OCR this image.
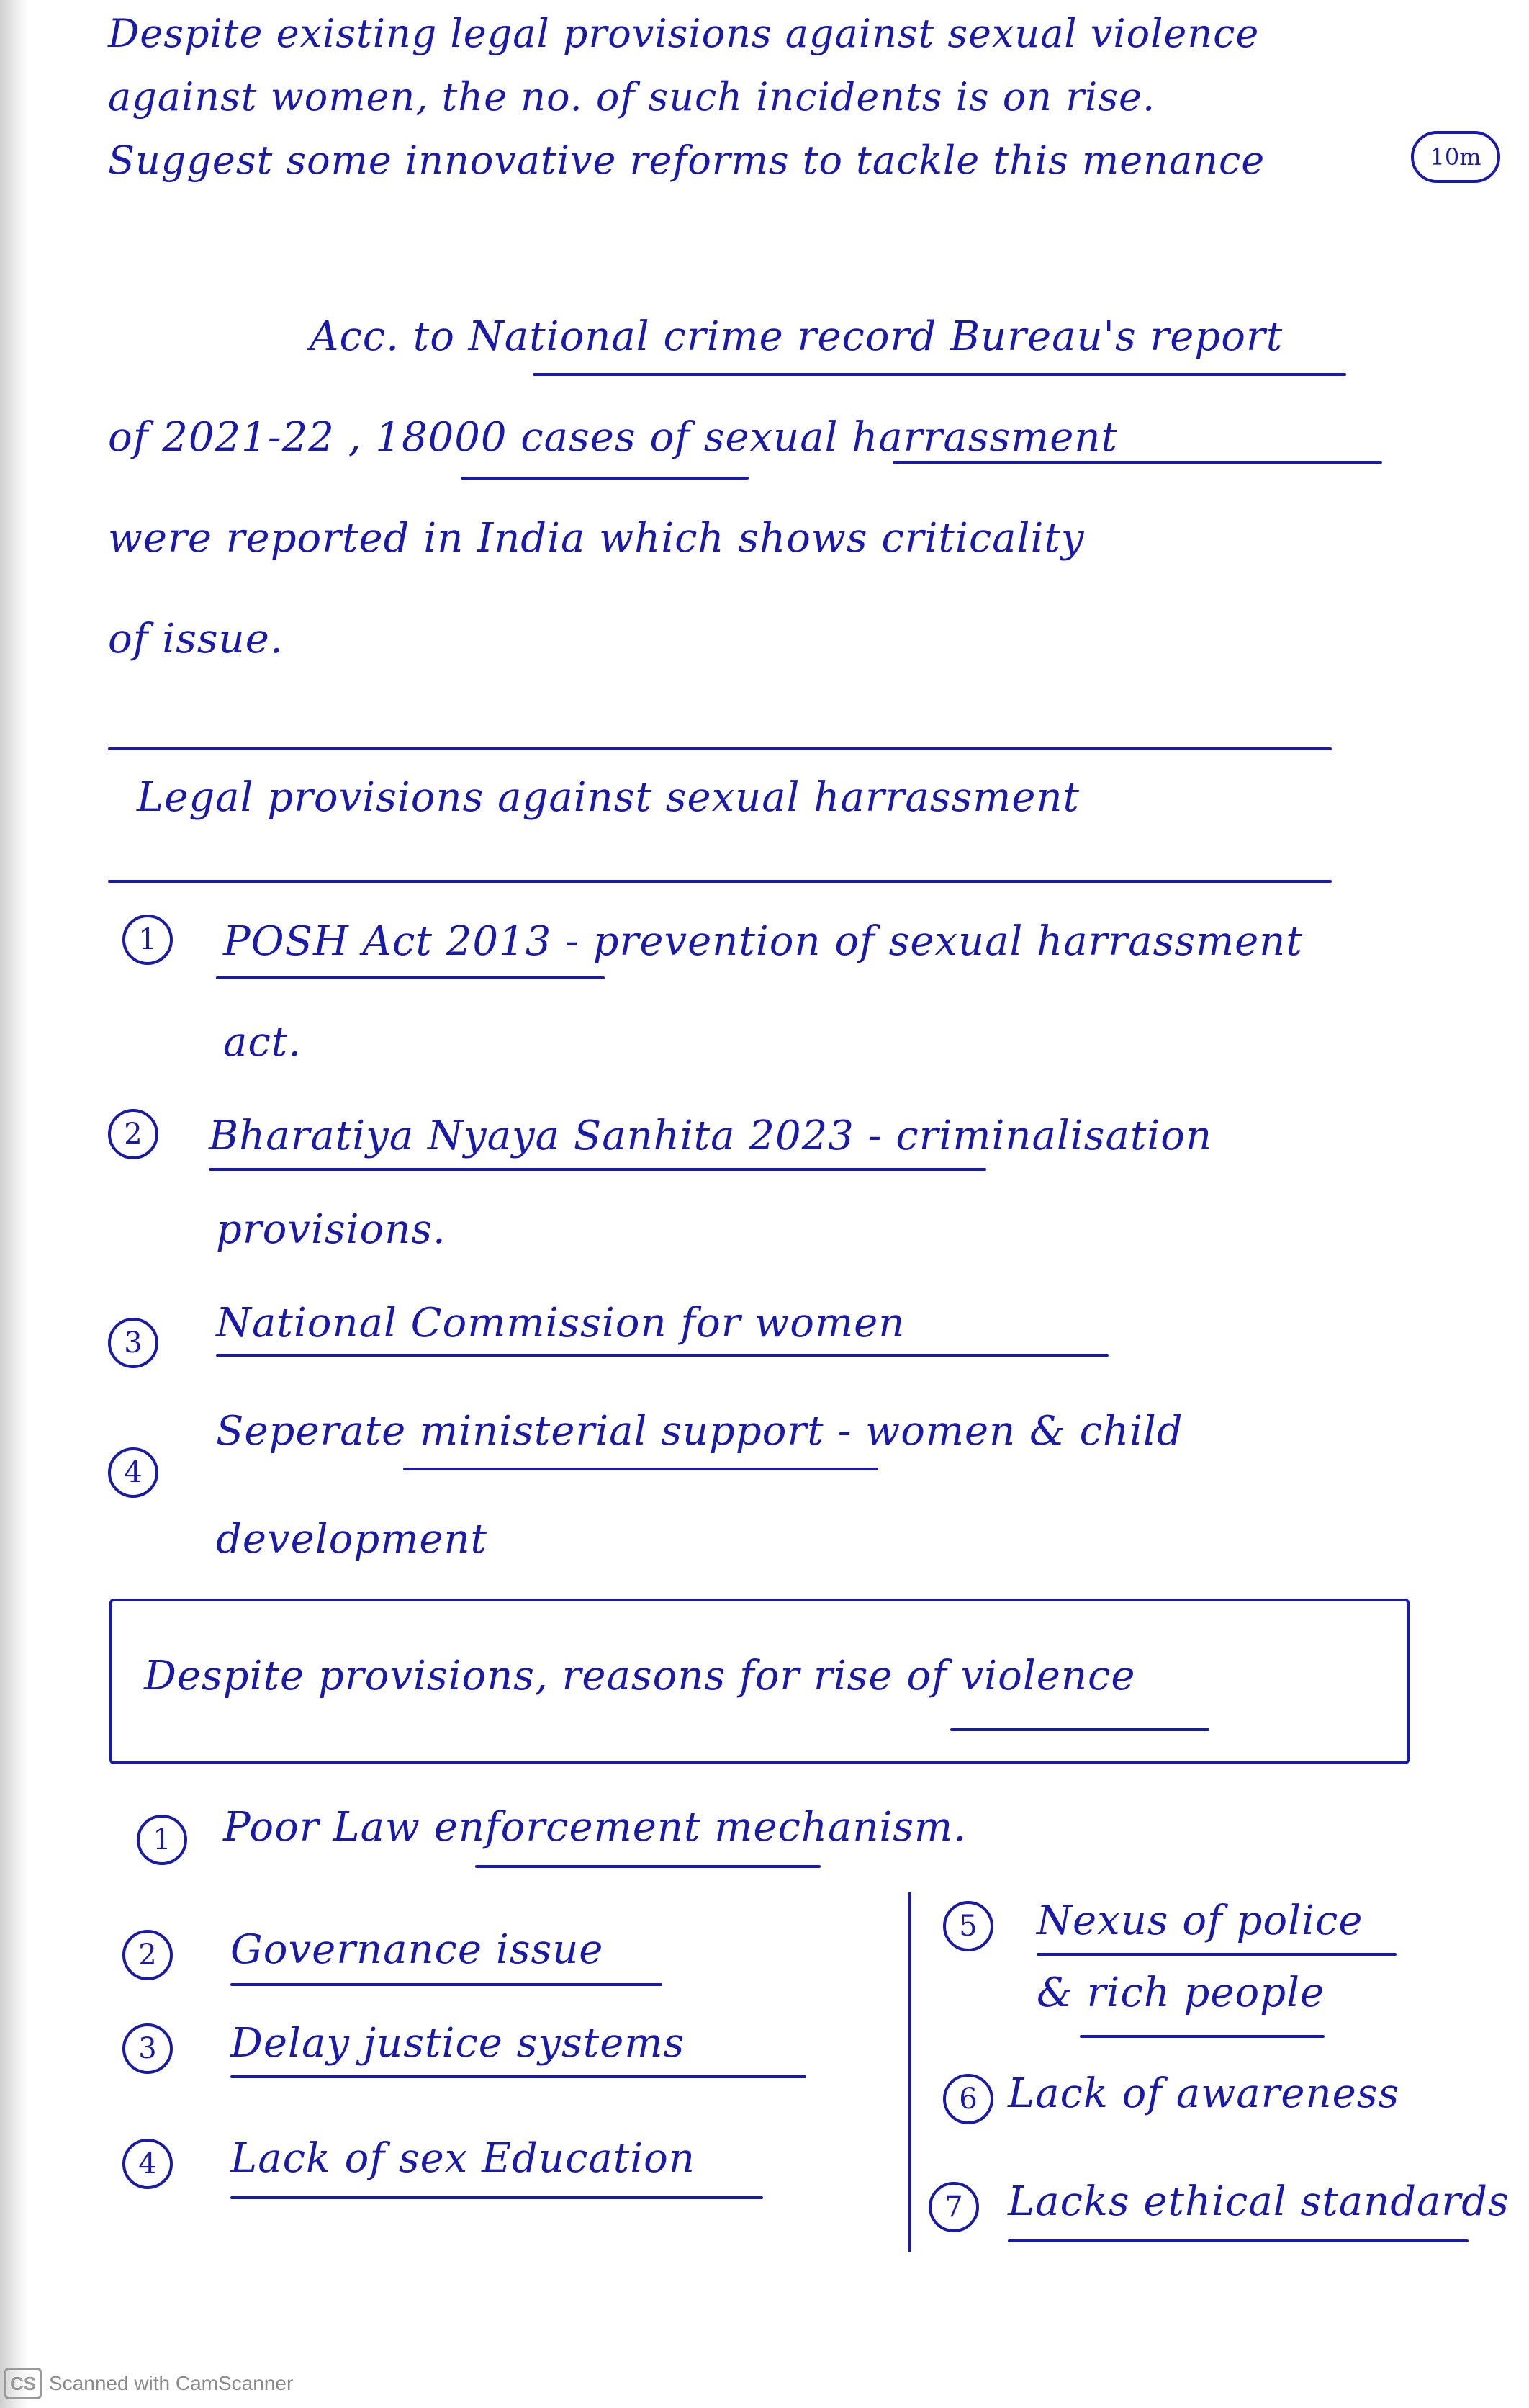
Despite existing legal provisions against sexual violence
against women, the no. of such incidents is on rise.
Suggest some innovative reforms to tackle this menance	10m
Acc. to National crime record Bureau's report
of 2021-22 , 18000 cases of sexual harrassment
were reported in India which shows criticality
of issue.
Legal provisions against sexual harrassment
1	POSH Act 2013 - prevention of sexual harrassment
act.
2	Bharatiya Nyaya Sanhita 2023 - criminalisation
provisions.
3	National Commission for women
4
Seperate ministerial support - women & child
development
Despite provisions, reasons for rise of violence
1	Poor Law enforcement mechanism.
2	Governance issue
3	Delay justice systems
4	Lack of sex Education
5	Nexus of police
& rich people
6 Lack of awareness
7	Lacks ethical standards
CS Scanned with CamScanner
